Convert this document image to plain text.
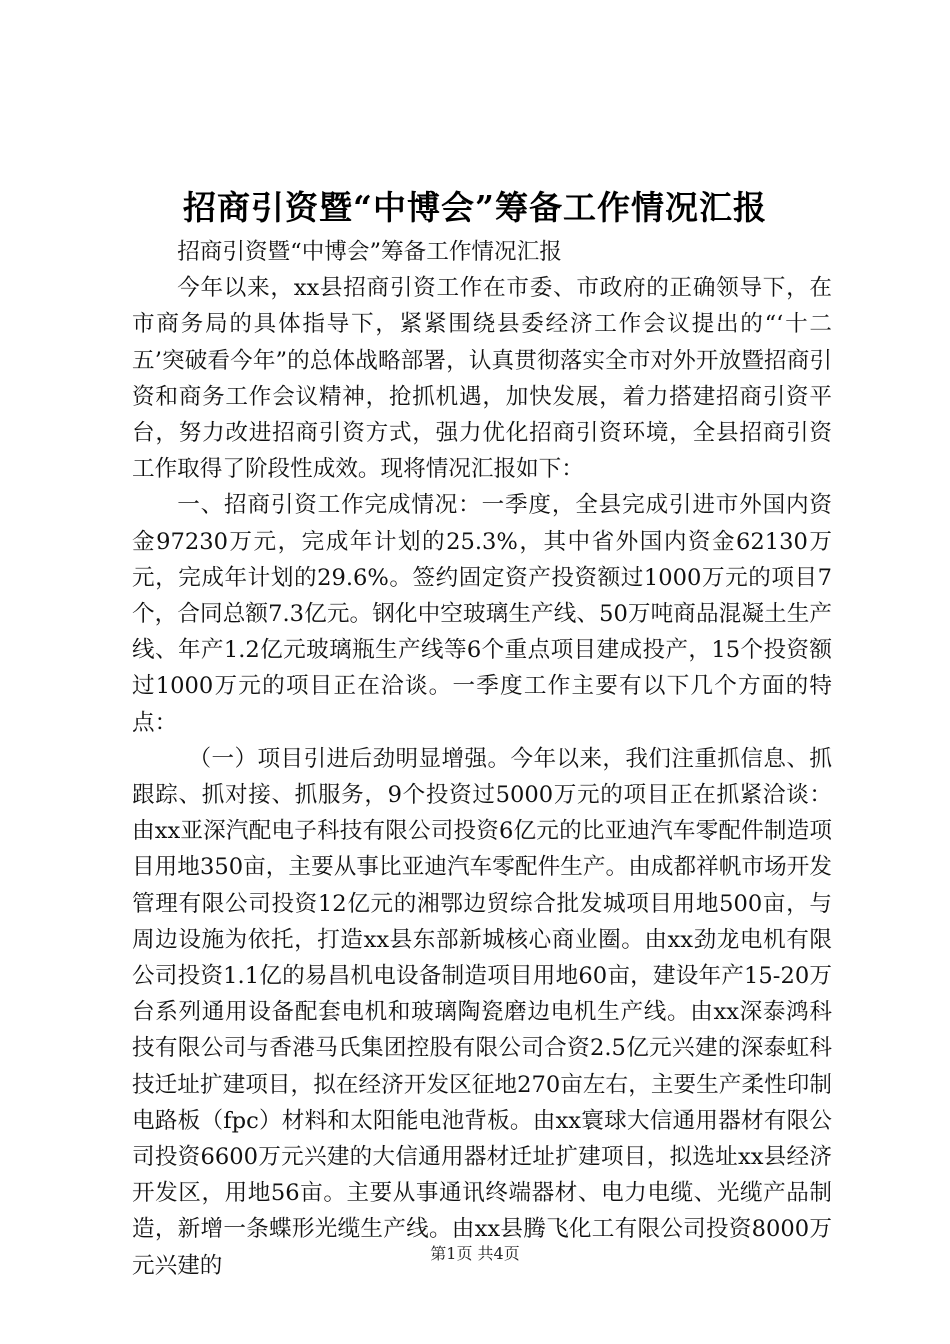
招商引资暨“中博会”筹备工作情况汇报

招商引资暨“中博会”筹备工作情况汇报

今年以来，xx县招商引资工作在市委、市政府的正确领导下，在市商务局的具体指导下，紧紧围绕县委经济工作会议提出的“‘十二五’突破看今年”的总体战略部署，认真贯彻落实全市对外开放暨招商引资和商务工作会议精神，抢抓机遇，加快发展，着力搭建招商引资平台，努力改进招商引资方式，强力优化招商引资环境，全县招商引资工作取得了阶段性成效。现将情况汇报如下：

一、招商引资工作完成情况：一季度，全县完成引进市外国内资金97230万元，完成年计划的25.3%，其中省外国内资金62130万元，完成年计划的29.6%。签约固定资产投资额过1000万元的项目7个，合同总额7.3亿元。钢化中空玻璃生产线、50万吨商品混凝土生产线、年产1.2亿元玻璃瓶生产线等6个重点项目建成投产，15个投资额过1000万元的项目正在洽谈。一季度工作主要有以下几个方面的特点：

（一）项目引进后劲明显增强。今年以来，我们注重抓信息、抓跟踪、抓对接、抓服务，9个投资过5000万元的项目正在抓紧洽谈：由xx亚深汽配电子科技有限公司投资6亿元的比亚迪汽车零配件制造项目用地350亩，主要从事比亚迪汽车零配件生产。由成都祥帆市场开发管理有限公司投资12亿元的湘鄂边贸综合批发城项目用地500亩，与周边设施为依托，打造xx县东部新城核心商业圈。由xx劲龙电机有限公司投资1.1亿的易昌机电设备制造项目用地60亩，建设年产15-20万台系列通用设备配套电机和玻璃陶瓷磨边电机生产线。由xx深泰鸿科技有限公司与香港马氏集团控股有限公司合资2.5亿元兴建的深泰虹科技迁址扩建项目，拟在经济开发区征地270亩左右，主要生产柔性印制电路板（fpc）材料和太阳能电池背板。由xx寰球大信通用器材有限公司投资6600万元兴建的大信通用器材迁址扩建项目，拟选址xx县经济开发区，用地56亩。主要从事通讯终端器材、电力电缆、光缆产品制造，新增一条蝶形光缆生产线。由xx县腾飞化工有限公司投资8000万元兴建的	第1页 共4页
